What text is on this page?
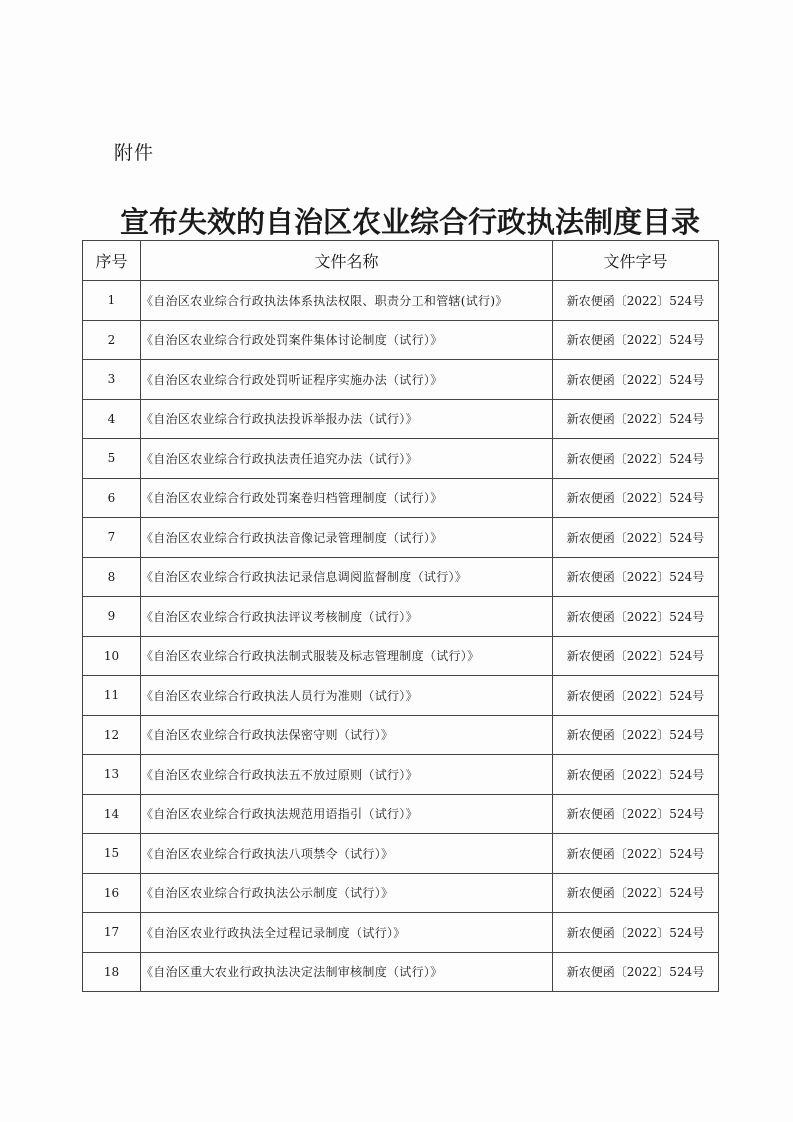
附件
宣布失效的自治区农业综合行政执法制度目录
序号	文件名称	文件字号
1	《自治区农业综合行政执法体系执法权限、职责分工和管辖(试行)》	新农便函〔2022〕524号
2	《自治区农业综合行政处罚案件集体讨论制度（试行）》	新农便函〔2022〕524号
3	《自治区农业综合行政处罚听证程序实施办法（试行）》	新农便函〔2022〕524号
4	《自治区农业综合行政执法投诉举报办法（试行）》	新农便函〔2022〕524号
5	《自治区农业综合行政执法责任追究办法（试行）》	新农便函〔2022〕524号
6	《自治区农业综合行政处罚案卷归档管理制度（试行）》	新农便函〔2022〕524号
7	《自治区农业综合行政执法音像记录管理制度（试行）》	新农便函〔2022〕524号
8	《自治区农业综合行政执法记录信息调阅监督制度（试行）》	新农便函〔2022〕524号
9	《自治区农业综合行政执法评议考核制度（试行）》	新农便函〔2022〕524号
10	《自治区农业综合行政执法制式服装及标志管理制度（试行）》	新农便函〔2022〕524号
11	《自治区农业综合行政执法人员行为准则（试行）》	新农便函〔2022〕524号
12	《自治区农业综合行政执法保密守则（试行）》	新农便函〔2022〕524号
13	《自治区农业综合行政执法五不放过原则（试行）》	新农便函〔2022〕524号
14	《自治区农业综合行政执法规范用语指引（试行）》	新农便函〔2022〕524号
15	《自治区农业综合行政执法八项禁令（试行）》	新农便函〔2022〕524号
16	《自治区农业综合行政执法公示制度（试行）》	新农便函〔2022〕524号
17	《自治区农业行政执法全过程记录制度（试行）》	新农便函〔2022〕524号
18	《自治区重大农业行政执法决定法制审核制度（试行）》	新农便函〔2022〕524号
